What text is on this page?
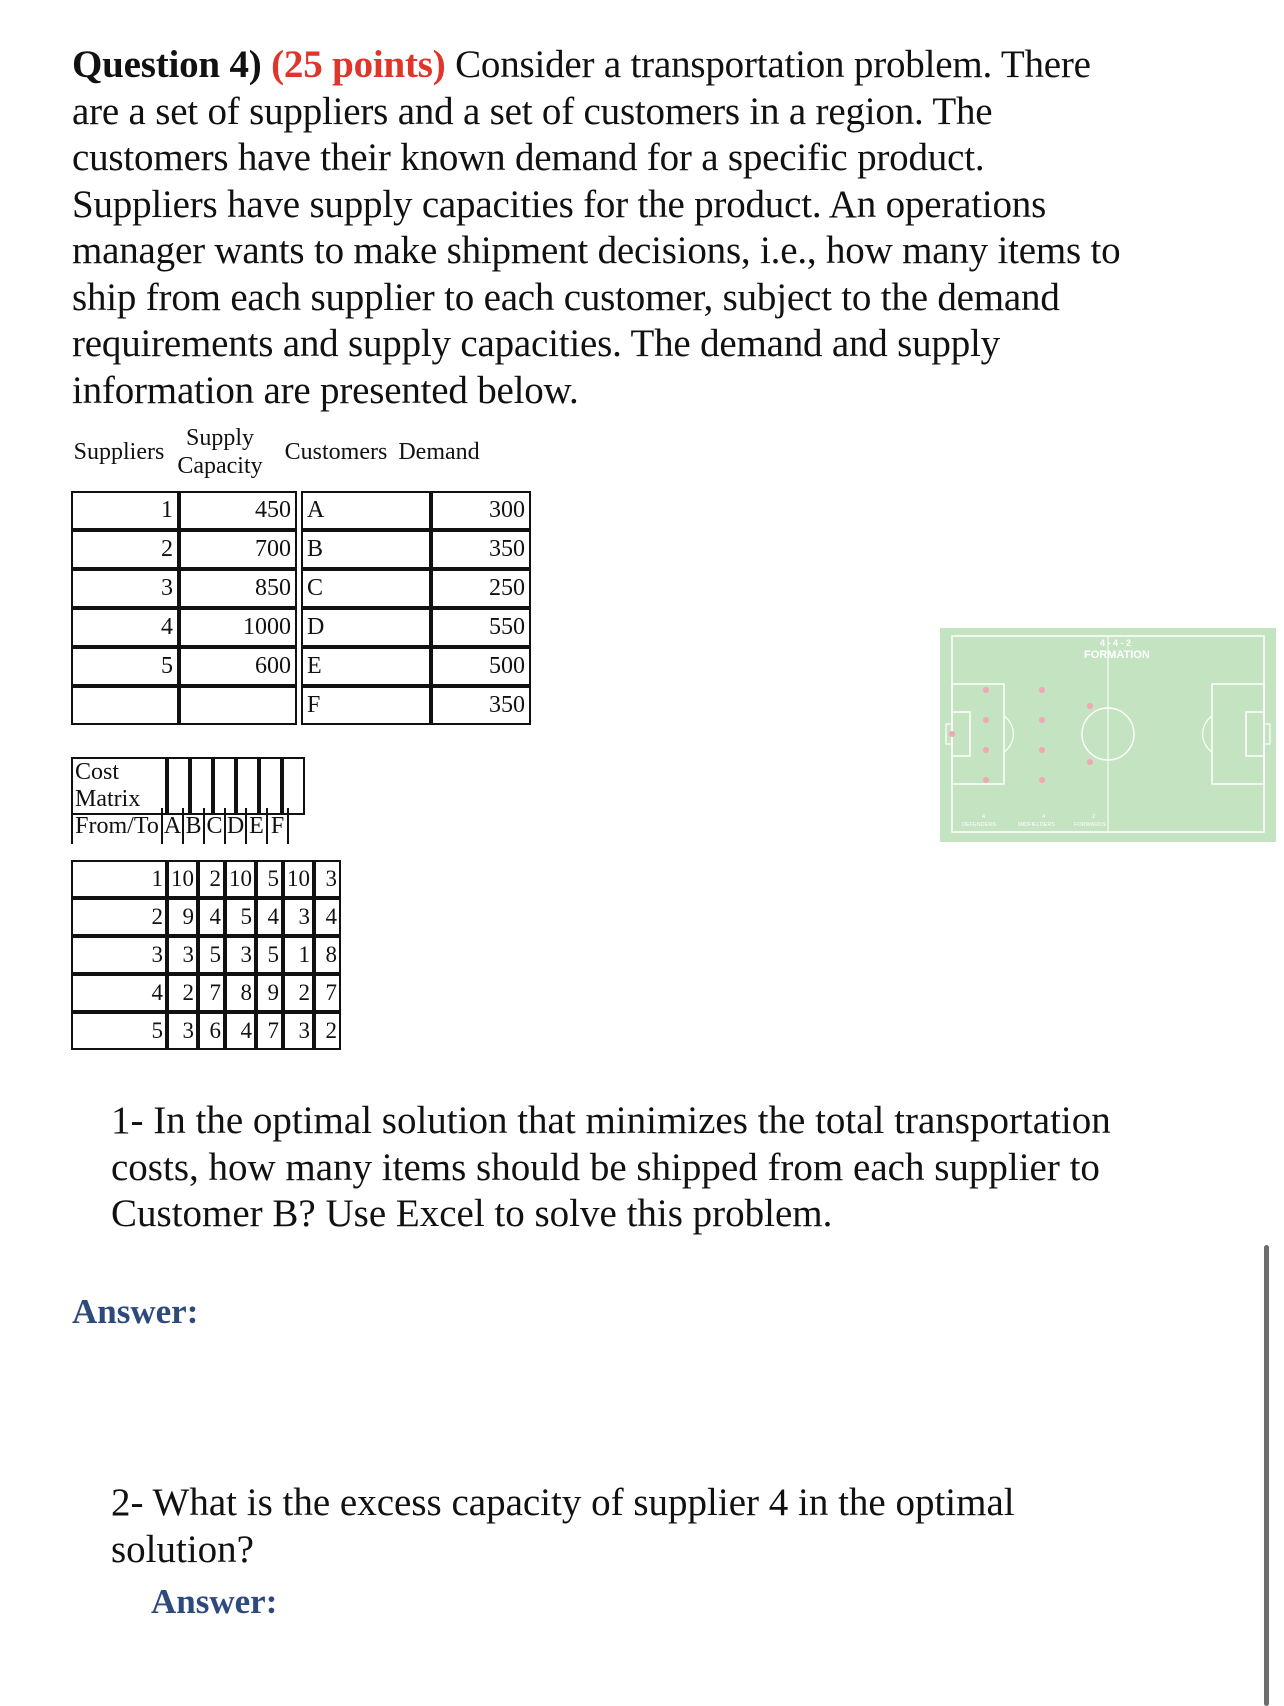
Question 4) (25 points) Consider a transportation problem. There are a set of suppliers and a set of customers in a region. The customers have their known demand for a specific product. Suppliers have supply capacities for the product. An operations manager wants to make shipment decisions, i.e., how many items to ship from each supplier to each customer, subject to the demand requirements and supply capacities. The demand and supply information are presented below.
Suppliers	Supply Capacity		Customers	Demand
1	450		A	300
2	700		B	350
3	850		C	250
4	1000		D	550
5	600		E	500
			F	350
Cost Matrix						
From/To	A	B	C	D	E	F
1	10	2	10	5	10	3
2	9	4	5	4	3	4
3	3	5	3	5	1	8
4	2	7	8	9	2	7
5	3	6	4	7	3	2
4 - 4 - 2
FORMATION
4	4	2
DEFENDERS	MIDFIELDERS	FORWARDS
1- In the optimal solution that minimizes the total transportation costs, how many items should be shipped from each supplier to Customer B? Use Excel to solve this problem.
Answer:
2- What is the excess capacity of supplier 4 in the optimal solution?
Answer:
